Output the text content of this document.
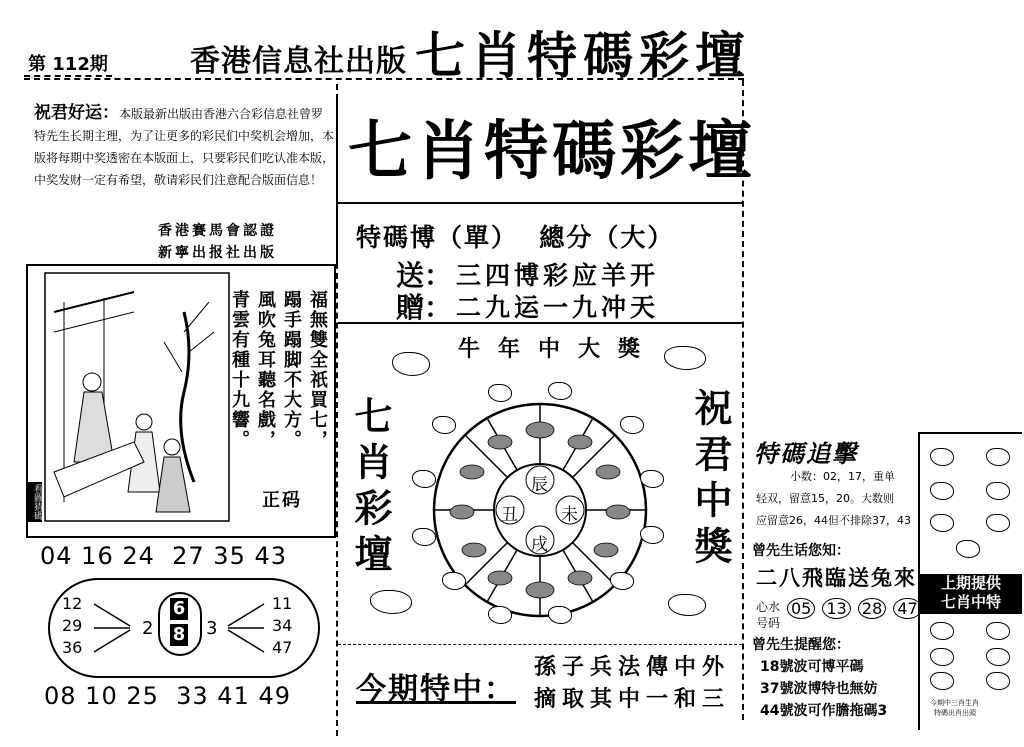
第 112期	香港信息社出版 七肖特碼彩壇
祝君好运：本版最新出版由香港六合彩信息社曾罗特先生长期主理，为了让更多的彩民们中奖机会增加，本版将每期中奖透密在本版面上，只要彩民们吃认准本版，中奖发财一定有希望，敬请彩民们注意配合版面信息！
香港賽馬會認證
新寧出报社出版
看圖猜碼
福無雙全祇買七，
蹋手蹋脚不大方。
風吹兔耳聽名戲，
青雲有種十九響。
正码
04 16 24  27 35 43
12
29
36
2
6
8 3
11
34
47
08 10 25  33 41 49
七肖特碼彩壇
特碼博（單）  總分（大）
送： 三四博彩应羊开
贈： 二九运一九冲天
牛年中大獎
七肖彩壇	祝君中獎
辰
丑	未
戌
今期特中：
孫子兵法傳中外
摘取其中一和三
特碼追擊
小数：02，17，重单
轻双，留意15，20。大数则
应留意26，44但不排除37，43
曾先生话您知：
二八飛臨送兔來
心水
号码
05 13 28 47
曾先生提醒您：
18號波可博平碼
37號波博特也無妨
44號波可作膽拖碼3
上期提供
七肖中特
今期中三肖生肖
特碼出肖出頭
